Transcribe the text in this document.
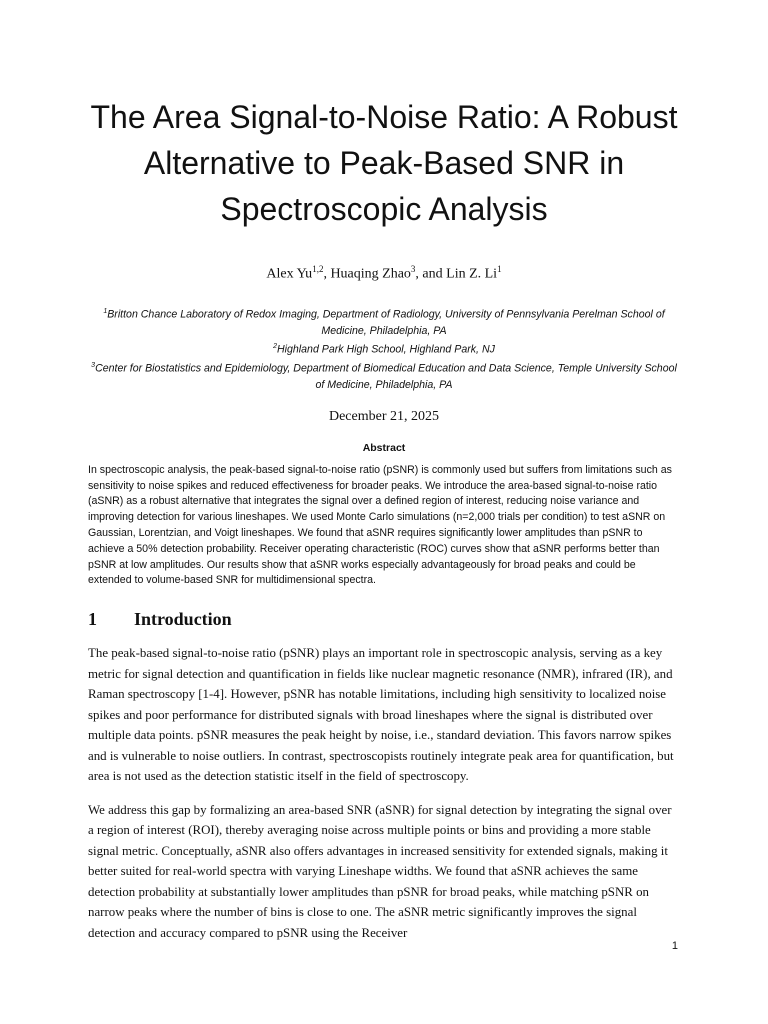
The Area Signal-to-Noise Ratio: A Robust Alternative to Peak-Based SNR in Spectroscopic Analysis
Alex Yu$^{1,2}$, Huaqing Zhao$^3$, and Lin Z. Li$^1$
$^1$Britton Chance Laboratory of Redox Imaging, Department of Radiology, University of Pennsylvania Perelman School of Medicine, Philadelphia, PA
$^2$Highland Park High School, Highland Park, NJ
$^3$Center for Biostatistics and Epidemiology, Department of Biomedical Education and Data Science, Temple University School of Medicine, Philadelphia, PA
December 21, 2025
Abstract

In spectroscopic analysis, the peak-based signal-to-noise ratio (pSNR) is commonly used but suffers from limitations such as sensitivity to noise spikes and reduced effectiveness for broader peaks. We introduce the area-based signal-to-noise ratio (aSNR) as a robust alternative that integrates the signal over a defined region of interest, reducing noise variance and improving detection for various lineshapes. We used Monte Carlo simulations (n=2,000 trials per condition) to test aSNR on Gaussian, Lorentzian, and Voigt lineshapes. We found that aSNR requires significantly lower amplitudes than pSNR to achieve a 50% detection probability. Receiver operating characteristic (ROC) curves show that aSNR performs better than pSNR at low amplitudes. Our results show that aSNR works especially advantageously for broad peaks and could be extended to volume-based SNR for multidimensional spectra.

1	Introduction

The peak-based signal-to-noise ratio (pSNR) plays an important role in spectroscopic analysis, serving as a key metric for signal detection and quantification in fields like nuclear magnetic resonance (NMR), infrared (IR), and Raman spectroscopy [1-4]. However, pSNR has notable limitations, including high sensitivity to localized noise spikes and poor performance for distributed signals with broad lineshapes where the signal is distributed over multiple data points. pSNR measures the peak height by noise, i.e., standard deviation. This favors narrow spikes and is vulnerable to noise outliers. In contrast, spectroscopists routinely integrate peak area for quantification, but area is not used as the detection statistic itself in the field of spectroscopy.

We address this gap by formalizing an area-based SNR (aSNR) for signal detection by integrating the signal over a region of interest (ROI), thereby averaging noise across multiple points or bins and providing a more stable signal metric. Conceptually, aSNR also offers advantages in increased sensitivity for extended signals, making it better suited for real-world spectra with varying Lineshape widths. We found that aSNR achieves the same detection probability at substantially lower amplitudes than pSNR for broad peaks, while matching pSNR on narrow peaks where the number of bins is close to one. The aSNR metric significantly improves the signal detection and accuracy compared to pSNR using the Receiver

1
